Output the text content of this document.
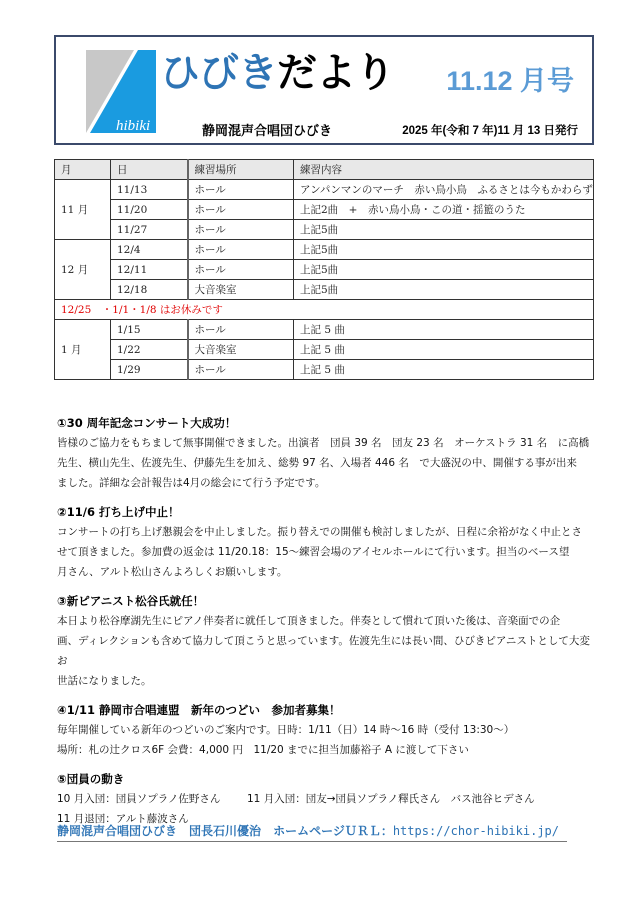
hibiki
ひびきだより 11.12 月号
静岡混声合唱団ひびき	2025 年(令和 7 年)11 月 13 日発行
月	日	練習場所	練習内容
11 月	11/13	ホール	アンパンマンのマーチ　赤い鳥小鳥　ふるさとは今もかわらず
	11/20	ホール	上記2曲　+　赤い鳥小鳥・この道・揺籃のうた
	11/27	ホール	上記5曲
12 月	12/4	ホール	上記5曲
	12/11	ホール	上記5曲
	12/18	大音楽室	上記5曲
12/25　・1/1・1/8 はお休みです			
1 月	1/15	ホール	上記 5 曲
	1/22	大音楽室	上記 5 曲
	1/29	ホール	上記 5 曲
①30 周年記念コンサート大成功！

皆様のご協力をもちまして無事開催できました。出演者　団員 39 名　団友 23 名　オーケストラ 31 名　に高橋

先生、横山先生、佐渡先生、伊藤先生を加え、総勢 97 名、入場者 446 名　で大盛況の中、開催する事が出来

ました。詳細な会計報告は4月の総会にて行う予定です。

②11/6 打ち上げ中止！

コンサートの打ち上げ懇親会を中止しました。振り替えでの開催も検討しましたが、日程に余裕がなく中止とさ

せて頂きました。参加費の返金は 11/20.18：15～練習会場のアイセルホールにて行います。担当のベース望

月さん、アルト松山さんよろしくお願いします。

③新ピアニスト松谷氏就任！

本日より松谷摩湖先生にピアノ伴奏者に就任して頂きました。伴奏として慣れて頂いた後は、音楽面での企

画、ディレクションも含めて協力して頂こうと思っています。佐渡先生には長い間、ひびきピアニストとして大変お

世話になりました。

④1/11 静岡市合唱連盟　新年のつどい　参加者募集！

毎年開催している新年のつどいのご案内です。日時：1/11（日）14 時～16 時（受付 13:30～）

場所：札の辻クロス6F 会費：4,000 円　11/20 までに担当加藤裕子 A に渡して下さい

⑤団員の動き
10 月入団：団員ソプラノ佐野さん	11 月入団：団友→団員ソプラノ釋氏さん　バス池谷ヒデさん

11 月退団：アルト藤波さん

静岡混声合唱団ひびき　 団長石川優治　 ホームページＵＲＬ：https://chor-hibiki.jp/
